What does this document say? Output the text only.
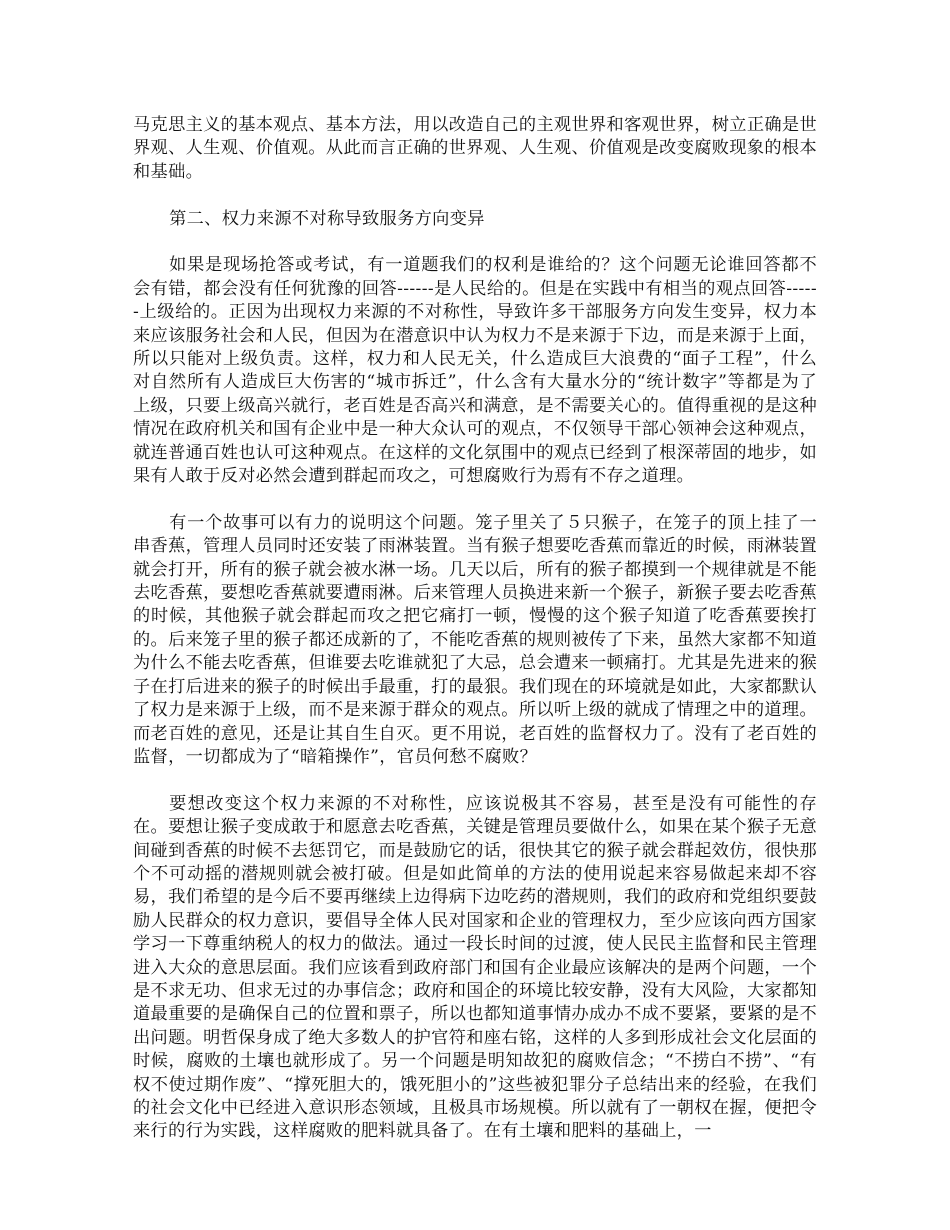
马克思主义的基本观点、基本方法，用以改造自己的主观世界和客观世界，树立正确是世界观、人生观、价值观。从此而言正确的世界观、人生观、价值观是改变腐败现象的根本和基础。

第二、权力来源不对称导致服务方向变异

如果是现场抢答或考试，有一道题我们的权利是谁给的？这个问题无论谁回答都不会有错，都会没有任何犹豫的回答------是人民给的。但是在实践中有相当的观点回答------上级给的。正因为出现权力来源的不对称性，导致许多干部服务方向发生变异，权力本来应该服务社会和人民，但因为在潜意识中认为权力不是来源于下边，而是来源于上面，所以只能对上级负责。这样，权力和人民无关，什么造成巨大浪费的“面子工程”，什么对自然所有人造成巨大伤害的“城市拆迁”，什么含有大量水分的“统计数字”等都是为了上级，只要上级高兴就行，老百姓是否高兴和满意，是不需要关心的。值得重视的是这种情况在政府机关和国有企业中是一种大众认可的观点，不仅领导干部心领神会这种观点，就连普通百姓也认可这种观点。在这样的文化氛围中的观点已经到了根深蒂固的地步，如果有人敢于反对必然会遭到群起而攻之，可想腐败行为焉有不存之道理。

有一个故事可以有力的说明这个问题。笼子里关了５只猴子，在笼子的顶上挂了一串香蕉，管理人员同时还安装了雨淋装置。当有猴子想要吃香蕉而靠近的时候，雨淋装置就会打开，所有的猴子就会被水淋一场。几天以后，所有的猴子都摸到一个规律就是不能去吃香蕉，要想吃香蕉就要遭雨淋。后来管理人员换进来新一个猴子，新猴子要去吃香蕉的时候，其他猴子就会群起而攻之把它痛打一顿，慢慢的这个猴子知道了吃香蕉要挨打的。后来笼子里的猴子都还成新的了，不能吃香蕉的规则被传了下来，虽然大家都不知道为什么不能去吃香蕉，但谁要去吃谁就犯了大忌，总会遭来一顿痛打。尤其是先进来的猴子在打后进来的猴子的时候出手最重，打的最狠。我们现在的环境就是如此，大家都默认了权力是来源于上级，而不是来源于群众的观点。所以听上级的就成了情理之中的道理。而老百姓的意见，还是让其自生自灭。更不用说，老百姓的监督权力了。没有了老百姓的监督，一切都成为了“暗箱操作”，官员何愁不腐败？

要想改变这个权力来源的不对称性，应该说极其不容易，甚至是没有可能性的存在。要想让猴子变成敢于和愿意去吃香蕉，关键是管理员要做什么，如果在某个猴子无意间碰到香蕉的时候不去惩罚它，而是鼓励它的话，很快其它的猴子就会群起效仿，很快那个不可动摇的潜规则就会被打破。但是如此简单的方法的使用说起来容易做起来却不容易，我们希望的是今后不要再继续上边得病下边吃药的潜规则，我们的政府和党组织要鼓励人民群众的权力意识，要倡导全体人民对国家和企业的管理权力，至少应该向西方国家学习一下尊重纳税人的权力的做法。通过一段长时间的过渡，使人民民主监督和民主管理进入大众的意思层面。我们应该看到政府部门和国有企业最应该解决的是两个问题，一个是不求无功、但求无过的办事信念；政府和国企的环境比较安静，没有大风险，大家都知道最重要的是确保自己的位置和票子，所以也都知道事情办成办不成不要紧，要紧的是不出问题。明哲保身成了绝大多数人的护官符和座右铭，这样的人多到形成社会文化层面的时候，腐败的土壤也就形成了。另一个问题是明知故犯的腐败信念；“不捞白不捞”、“有权不使过期作废”、“撑死胆大的，饿死胆小的”这些被犯罪分子总结出来的经验，在我们的社会文化中已经进入意识形态领域，且极具市场规模。所以就有了一朝权在握，便把令来行的行为实践，这样腐败的肥料就具备了。在有土壤和肥料的基础上，一
